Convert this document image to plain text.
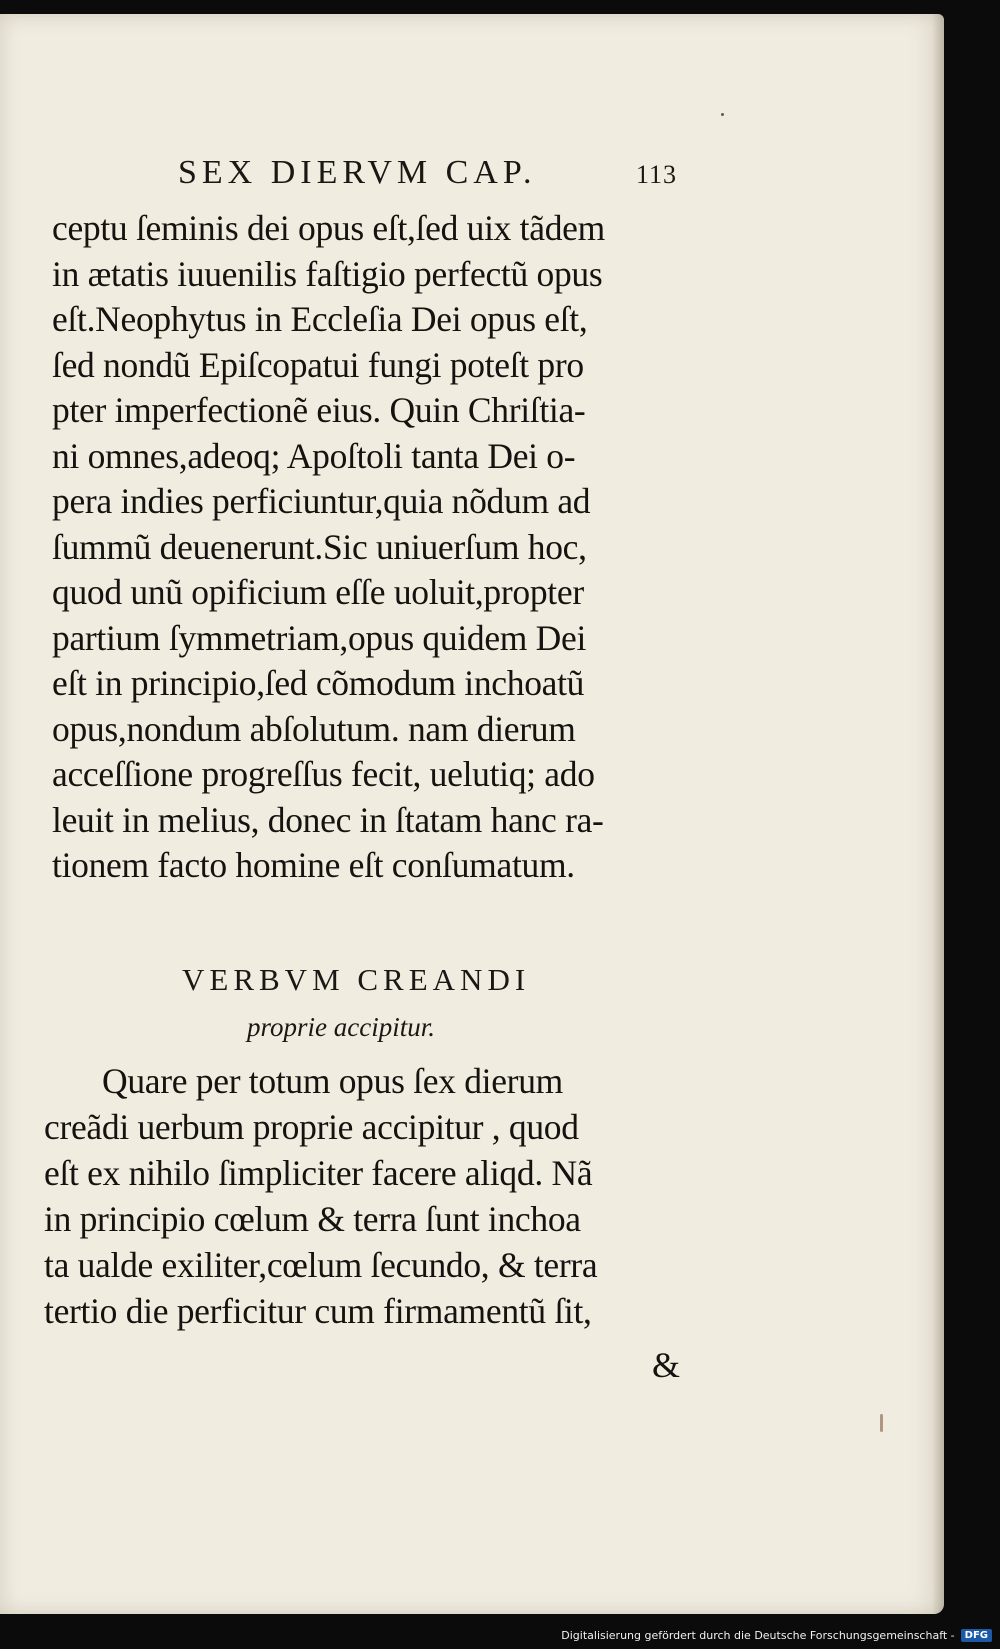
SEX DIERVM CAP.	113
ceptu ſeminis dei opus eſt,ſed uix tãdem
in ætatis iuuenilis faſtigio perfectũ opus
eſt.Neophytus in Eccleſia Dei opus eſt,
ſed nondũ Epiſcopatui fungi poteſt pro
pter imperfectionẽ eius. Quin Chriſtia-
ni omnes,adeoq; Apoſtoli tanta Dei o-
pera indies perficiuntur,quia nõdum ad
ſummũ deuenerunt.Sic uniuerſum hoc,
quod unũ opificium eſſe uoluit,propter
partium ſymmetriam,opus quidem Dei
eſt in principio,ſed cõmodum inchoatũ
opus,nondum abſolutum. nam dierum
acceſſione progreſſus fecit, uelutiq; ado
leuit in melius, donec in ſtatam hanc ra-
tionem facto homine eſt conſumatum.
VERBVM CREANDI
proprie accipitur.
Quare per totum opus ſex dierum
creãdi uerbum proprie accipitur , quod
eſt ex nihilo ſimpliciter facere aliqd. Nã
in principio cœlum & terra ſunt inchoa
ta ualde exiliter,cœlum ſecundo, & terra
tertio die perficitur cum firmamentũ ſit,
&
Digitalisierung gefördert durch die Deutsche Forschungsgemeinschaft -	DFG
